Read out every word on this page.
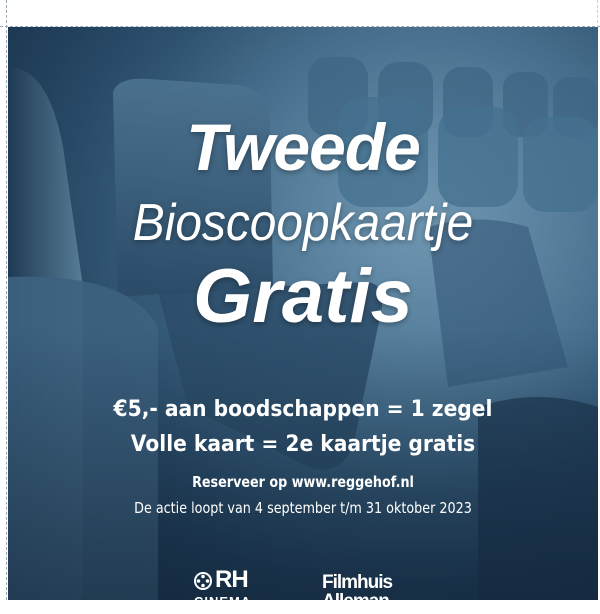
Tweede
Bioscoopkaartje
Gratis
€5,- aan boodschappen = 1 zegel
Volle kaart = 2e kaartje gratis
Reserveer op www.reggehof.nl
De actie loopt van 4 september t/m 31 oktober 2023
RH
CINEMA
Filmhuis
Alleman
